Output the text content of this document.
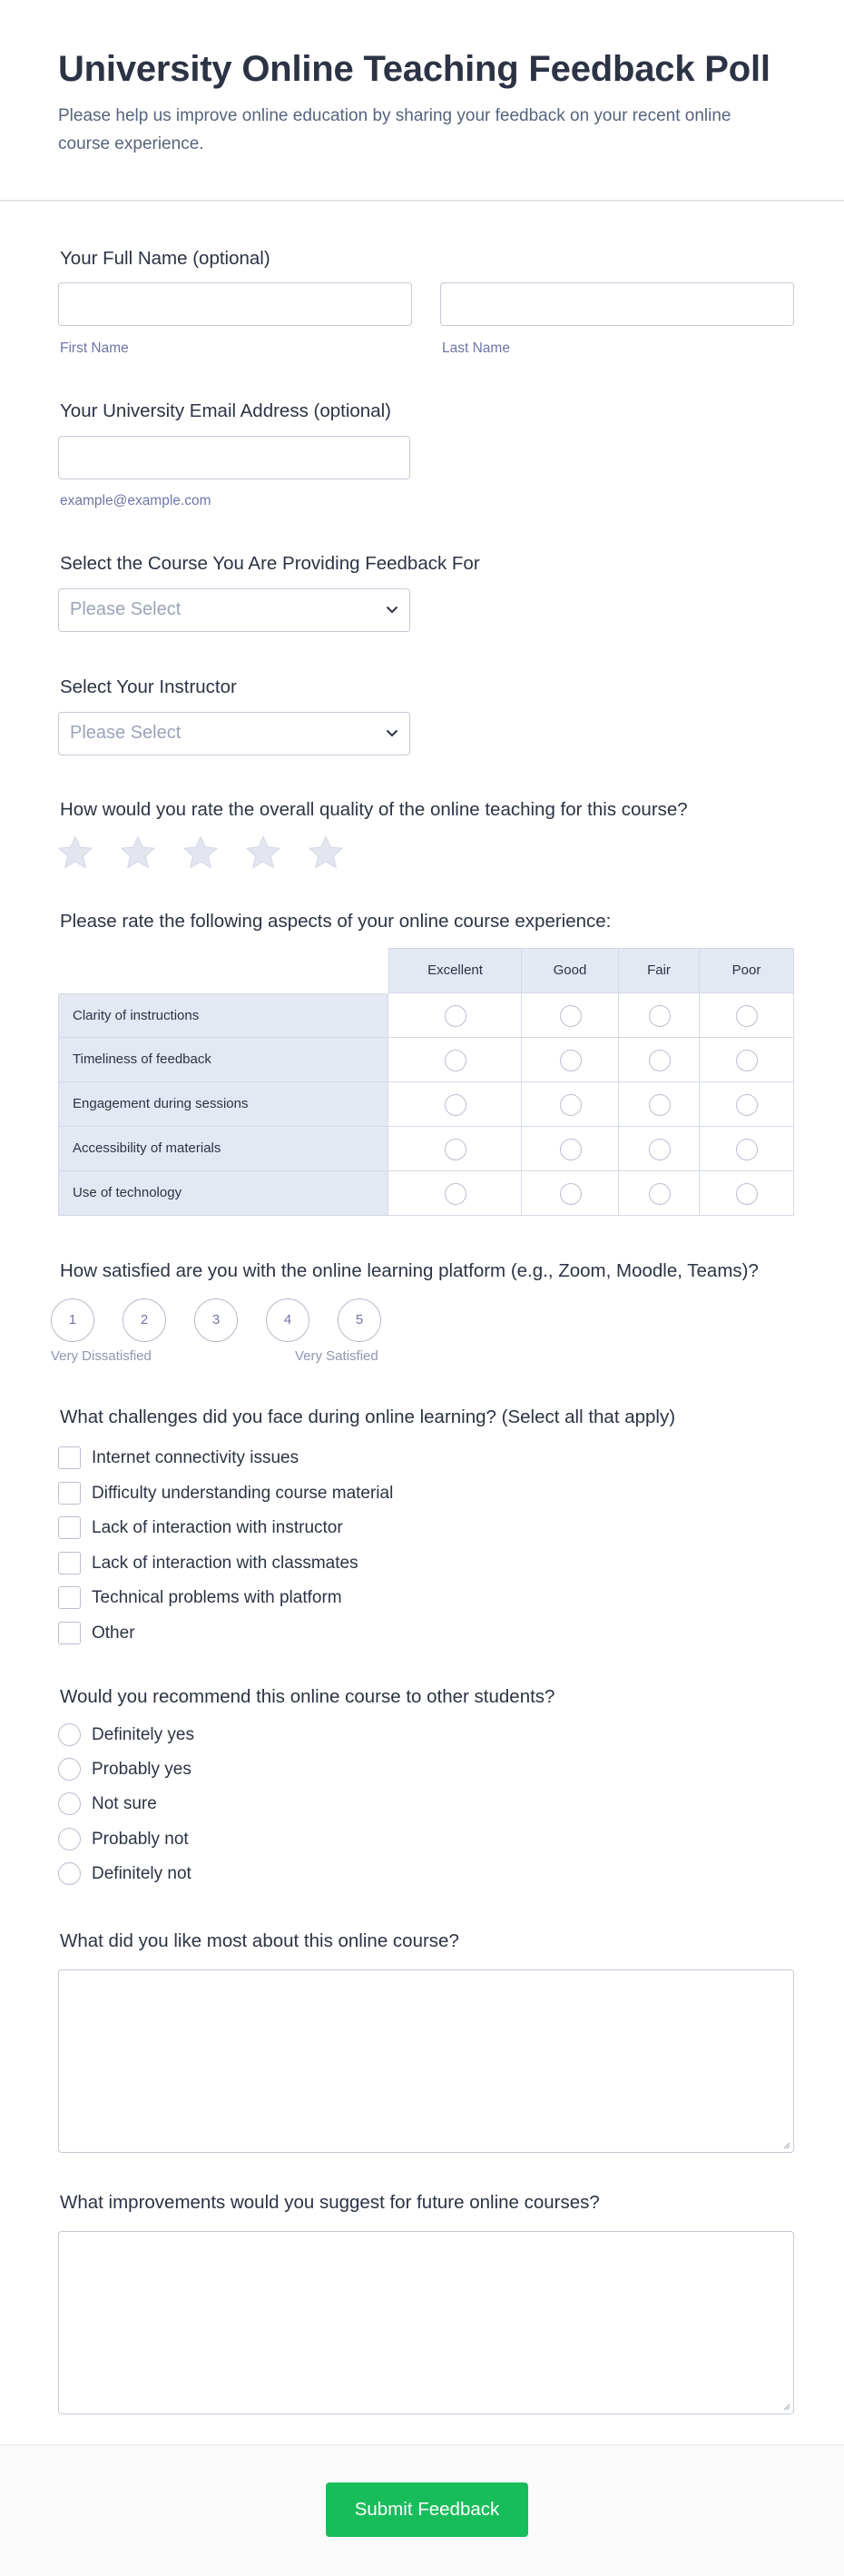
University Online Teaching Feedback Poll

Please help us improve online education by sharing your feedback on your recent online course experience.

Your Full Name (optional)
First Name	Last Name
Your University Email Address (optional)
example@example.com
Select the Course You Are Providing Feedback For
Please Select
Select Your Instructor
Please Select
How would you rate the overall quality of the online teaching for this course?
Please rate the following aspects of your online course experience:
Excellent	Good	Fair	Poor
Clarity of instructions
Timeliness of feedback
Engagement during sessions
Accessibility of materials
Use of technology
How satisfied are you with the online learning platform (e.g., Zoom, Moodle, Teams)?
1	2	3	4	5
Very Dissatisfied	Very Satisfied
What challenges did you face during online learning? (Select all that apply)
Internet connectivity issues
Difficulty understanding course material
Lack of interaction with instructor
Lack of interaction with classmates
Technical problems with platform
Other
Would you recommend this online course to other students?
Definitely yes
Probably yes
Not sure
Probably not
Definitely not
What did you like most about this online course?
What improvements would you suggest for future online courses?
Submit Feedback
